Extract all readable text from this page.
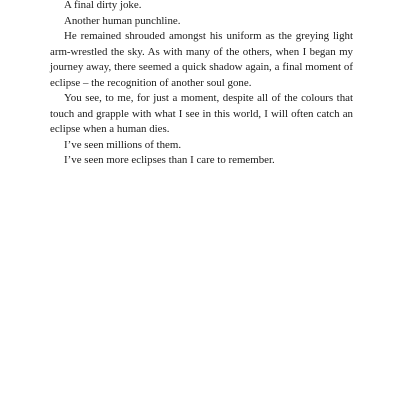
A final dirty joke.

Another human punchline.

He remained shrouded amongst his uniform as the greying light arm-wrestled the sky. As with many of the others, when I began my journey away, there seemed a quick shadow again, a final moment of eclipse – the recognition of another soul gone.

You see, to me, for just a moment, despite all of the colours that touch and grapple with what I see in this world, I will often catch an eclipse when a human dies.

I’ve seen millions of them.

I’ve seen more eclipses than I care to remember.
